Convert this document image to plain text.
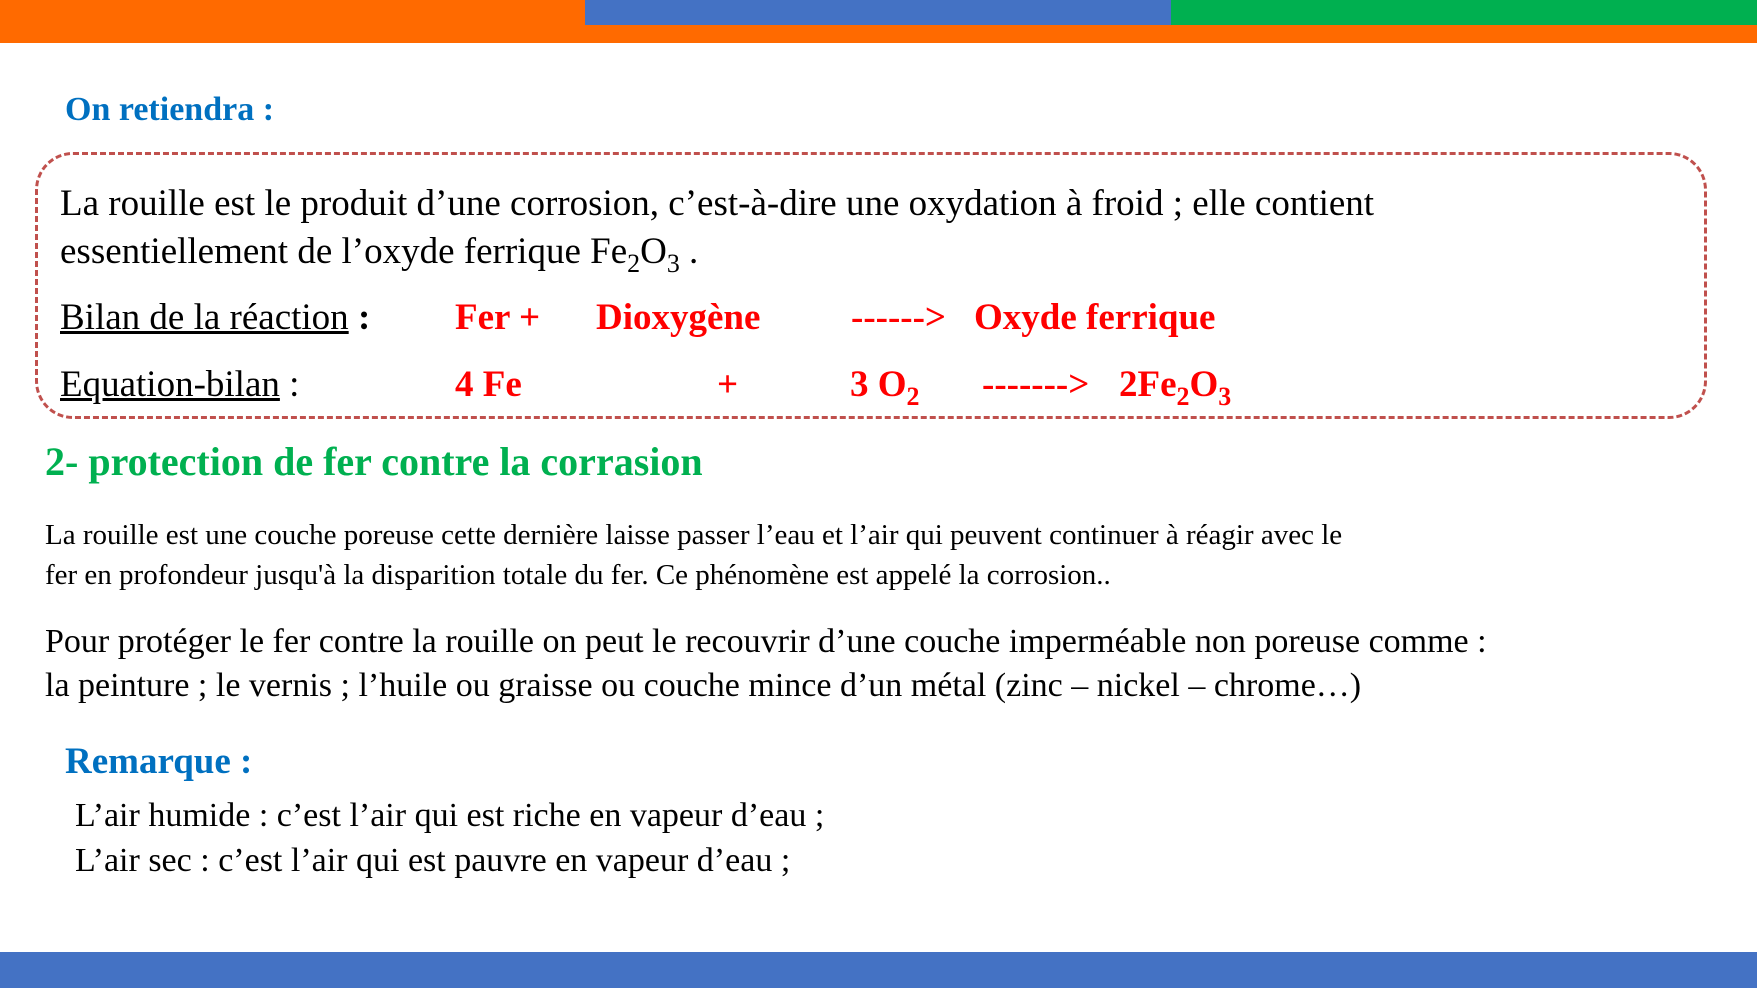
On retiendra :
La rouille est le produit d’une corrosion, c’est-à-dire une oxydation à froid ; elle contient
essentiellement de l’oxyde ferrique $Fe_2O_3$ .
Bilan de la réaction : Fer + Dioxygène ------> Oxyde ferrique
Equation-bilan :	4 Fe	+	3 $O_2$ -------> $2Fe_2O_3$
2- protection de fer contre la corrasion
La rouille est une couche poreuse cette dernière laisse passer l’eau et l’air qui peuvent continuer à réagir avec le
fer en profondeur jusqu'à la disparition totale du fer. Ce phénomène est appelé la corrosion..
Pour protéger le fer contre la rouille on peut le recouvrir d’une couche imperméable non poreuse comme :
la peinture ; le vernis ; l’huile ou graisse ou couche mince d’un métal (zinc – nickel – chrome…)
Remarque :
L’air humide : c’est l’air qui est riche en vapeur d’eau ;
L’air sec : c’est l’air qui est pauvre en vapeur d’eau ;
